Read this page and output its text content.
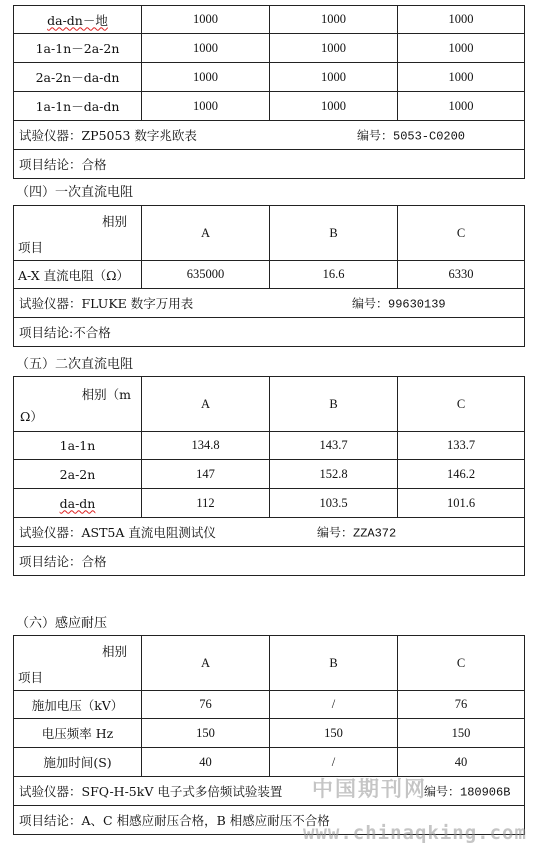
da-dn－地	1000	1000	1000
1a-1n－2a-2n	1000	1000	1000
2a-2n－da-dn	1000	1000	1000
1a-1n－da-dn	1000	1000	1000
试验仪器：ZP5053 数字兆欧表 编号：5053-C0200			

项目结论：合格			
（四）一次直流电阻
相别
项目	A	B	C
A-X 直流电阻（Ω）	635000	16.6	6330
试验仪器：FLUKE 数字万用表 编号：99630139			

项目结论:不合格			
（五）二次直流电阻
相别（m
Ω）	A	B	C
1a-1n	134.8	143.7	133.7
2a-2n	147	152.8	146.2
da-dn	112	103.5	101.6
试验仪器：AST5A 直流电阻测试仪 编号：ZZA372			

项目结论：合格			
（六）感应耐压
相别
项目	A	B	C
施加电压（kV）	76	/	76
电压频率 Hz	150	150	150
施加时间(S)	40	/	40
试验仪器：SFQ-H-5kV 电子式多倍频试验装置 编号：180906B			

项目结论：A、C 相感应耐压合格，B 相感应耐压不合格			
中国期刊网
www.chinaqking.com
